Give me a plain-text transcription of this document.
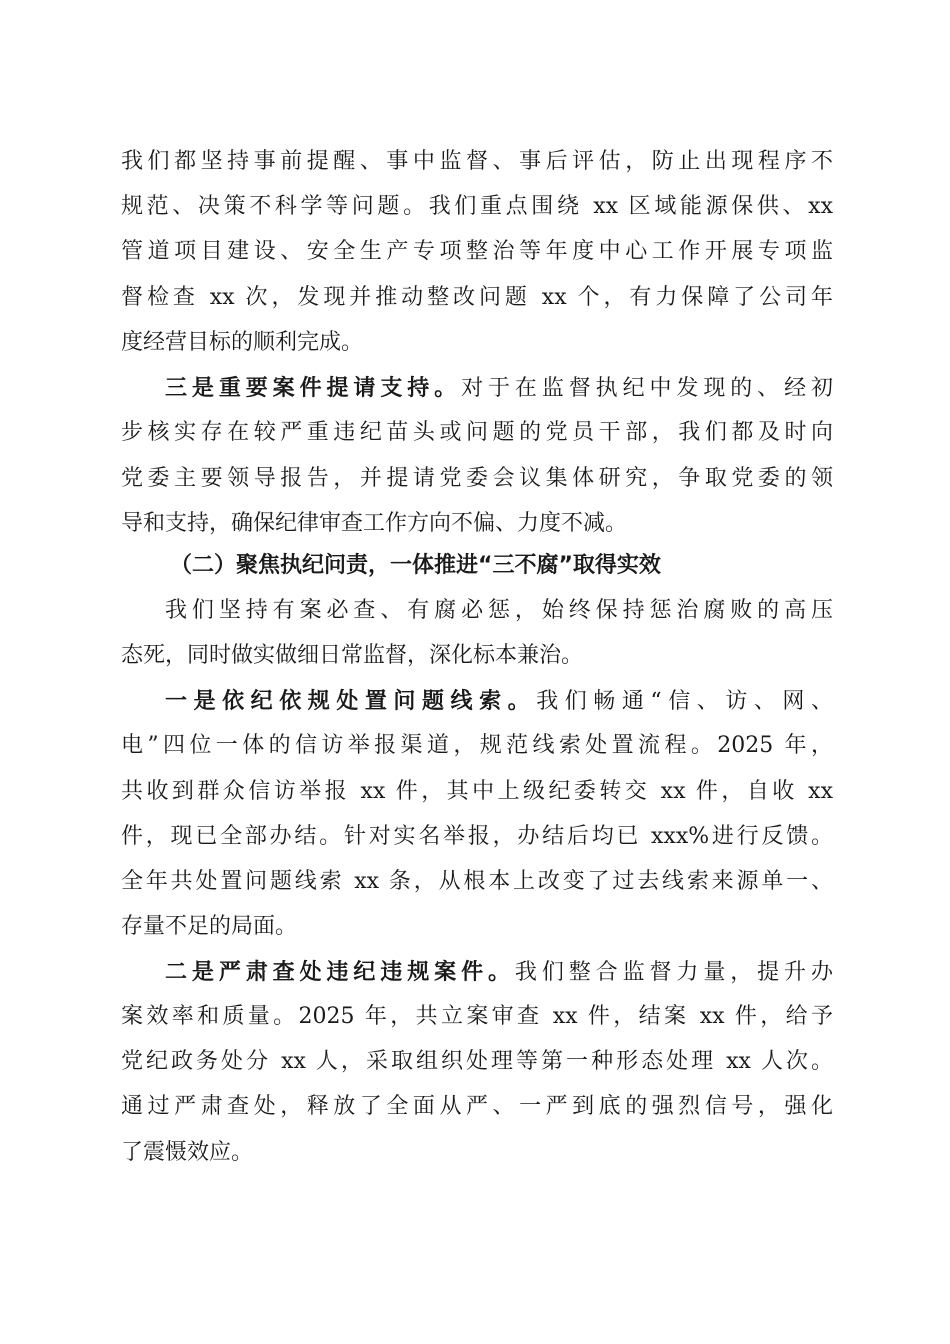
我们都坚持事前提醒、事中监督、事后评估，防止出现程序不
规范、决策不科学等问题。我们重点围绕 xx 区域能源保供、xx
管道项目建设、安全生产专项整治等年度中心工作开展专项监
督检查 xx 次，发现并推动整改问题 xx 个，有力保障了公司年
度经营目标的顺利完成。
三是重要案件提请支持。对于在监督执纪中发现的、经初
步核实存在较严重违纪苗头或问题的党员干部，我们都及时向
党委主要领导报告，并提请党委会议集体研究，争取党委的领
导和支持，确保纪律审查工作方向不偏、力度不减。
（二）聚焦执纪问责，一体推进“三不腐”取得实效
我们坚持有案必查、有腐必惩，始终保持惩治腐败的高压
态死，同时做实做细日常监督，深化标本兼治。
一是依纪依规处置问题线索。我们畅通“信、访、网、
电”四位一体的信访举报渠道，规范线索处置流程。2025 年，
共收到群众信访举报 xx 件，其中上级纪委转交 xx 件，自收 xx
件，现已全部办结。针对实名举报，办结后均已 xxx%进行反馈。
全年共处置问题线索 xx 条，从根本上改变了过去线索来源单一、
存量不足的局面。
二是严肃查处违纪违规案件。我们整合监督力量，提升办
案效率和质量。2025 年，共立案审查 xx 件，结案 xx 件，给予
党纪政务处分 xx 人，采取组织处理等第一种形态处理 xx 人次。
通过严肃查处，释放了全面从严、一严到底的强烈信号，强化
了震慑效应。
